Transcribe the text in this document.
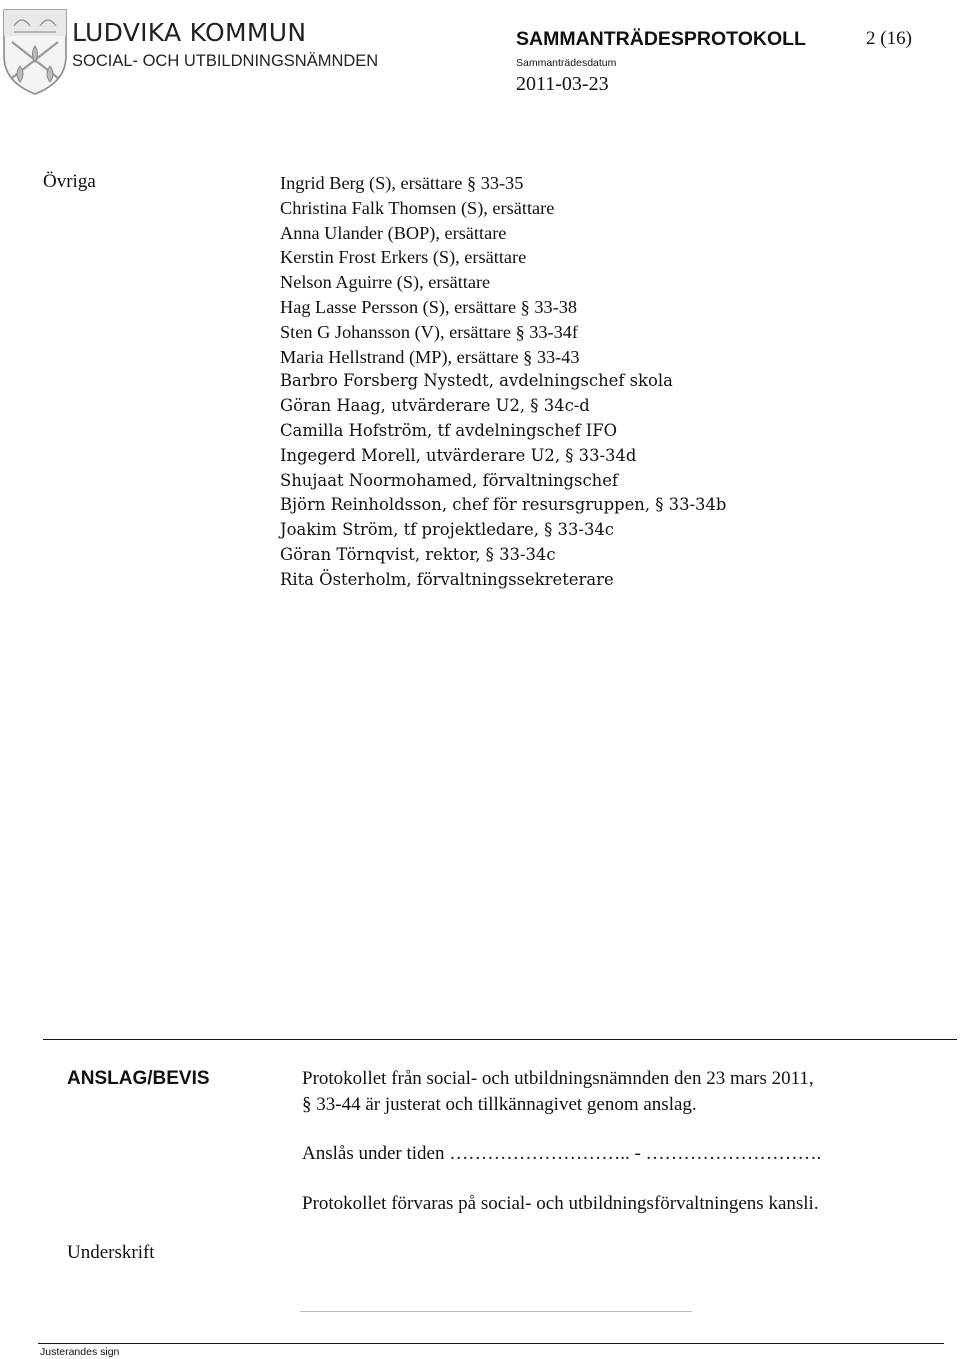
LUDVIKA KOMMUN
SOCIAL- OCH UTBILDNINGSNÄMNDEN
SAMMANTRÄDESPROTOKOLL	2 (16)
Sammanträdesdatum
2011-03-23
Övriga	Ingrid Berg (S), ersättare § 33-35
Christina Falk Thomsen (S), ersättare
Anna Ulander (BOP), ersättare
Kerstin Frost Erkers (S), ersättare
Nelson Aguirre (S), ersättare
Hag Lasse Persson (S), ersättare § 33-38
Sten G Johansson (V), ersättare § 33-34f
Maria Hellstrand (MP), ersättare § 33-43
Barbro Forsberg Nystedt, avdelningschef skola
Göran Haag, utvärderare U2, § 34c-d
Camilla Hofström, tf avdelningschef IFO
Ingegerd Morell, utvärderare U2, § 33-34d
Shujaat Noormohamed, förvaltningschef
Björn Reinholdsson, chef för resursgruppen, § 33-34b
Joakim Ström, tf projektledare, § 33-34c
Göran Törnqvist, rektor, § 33-34c
Rita Österholm, förvaltningssekreterare
ANSLAG/BEVIS	Protokollet från social- och utbildningsnämnden den 23 mars 2011,
§ 33-44 är justerat och tillkännagivet genom anslag.
Anslås under tiden ……………………….. - ……………………….
Protokollet förvaras på social- och utbildningsförvaltningens kansli.
Underskrift
Justerandes sign
